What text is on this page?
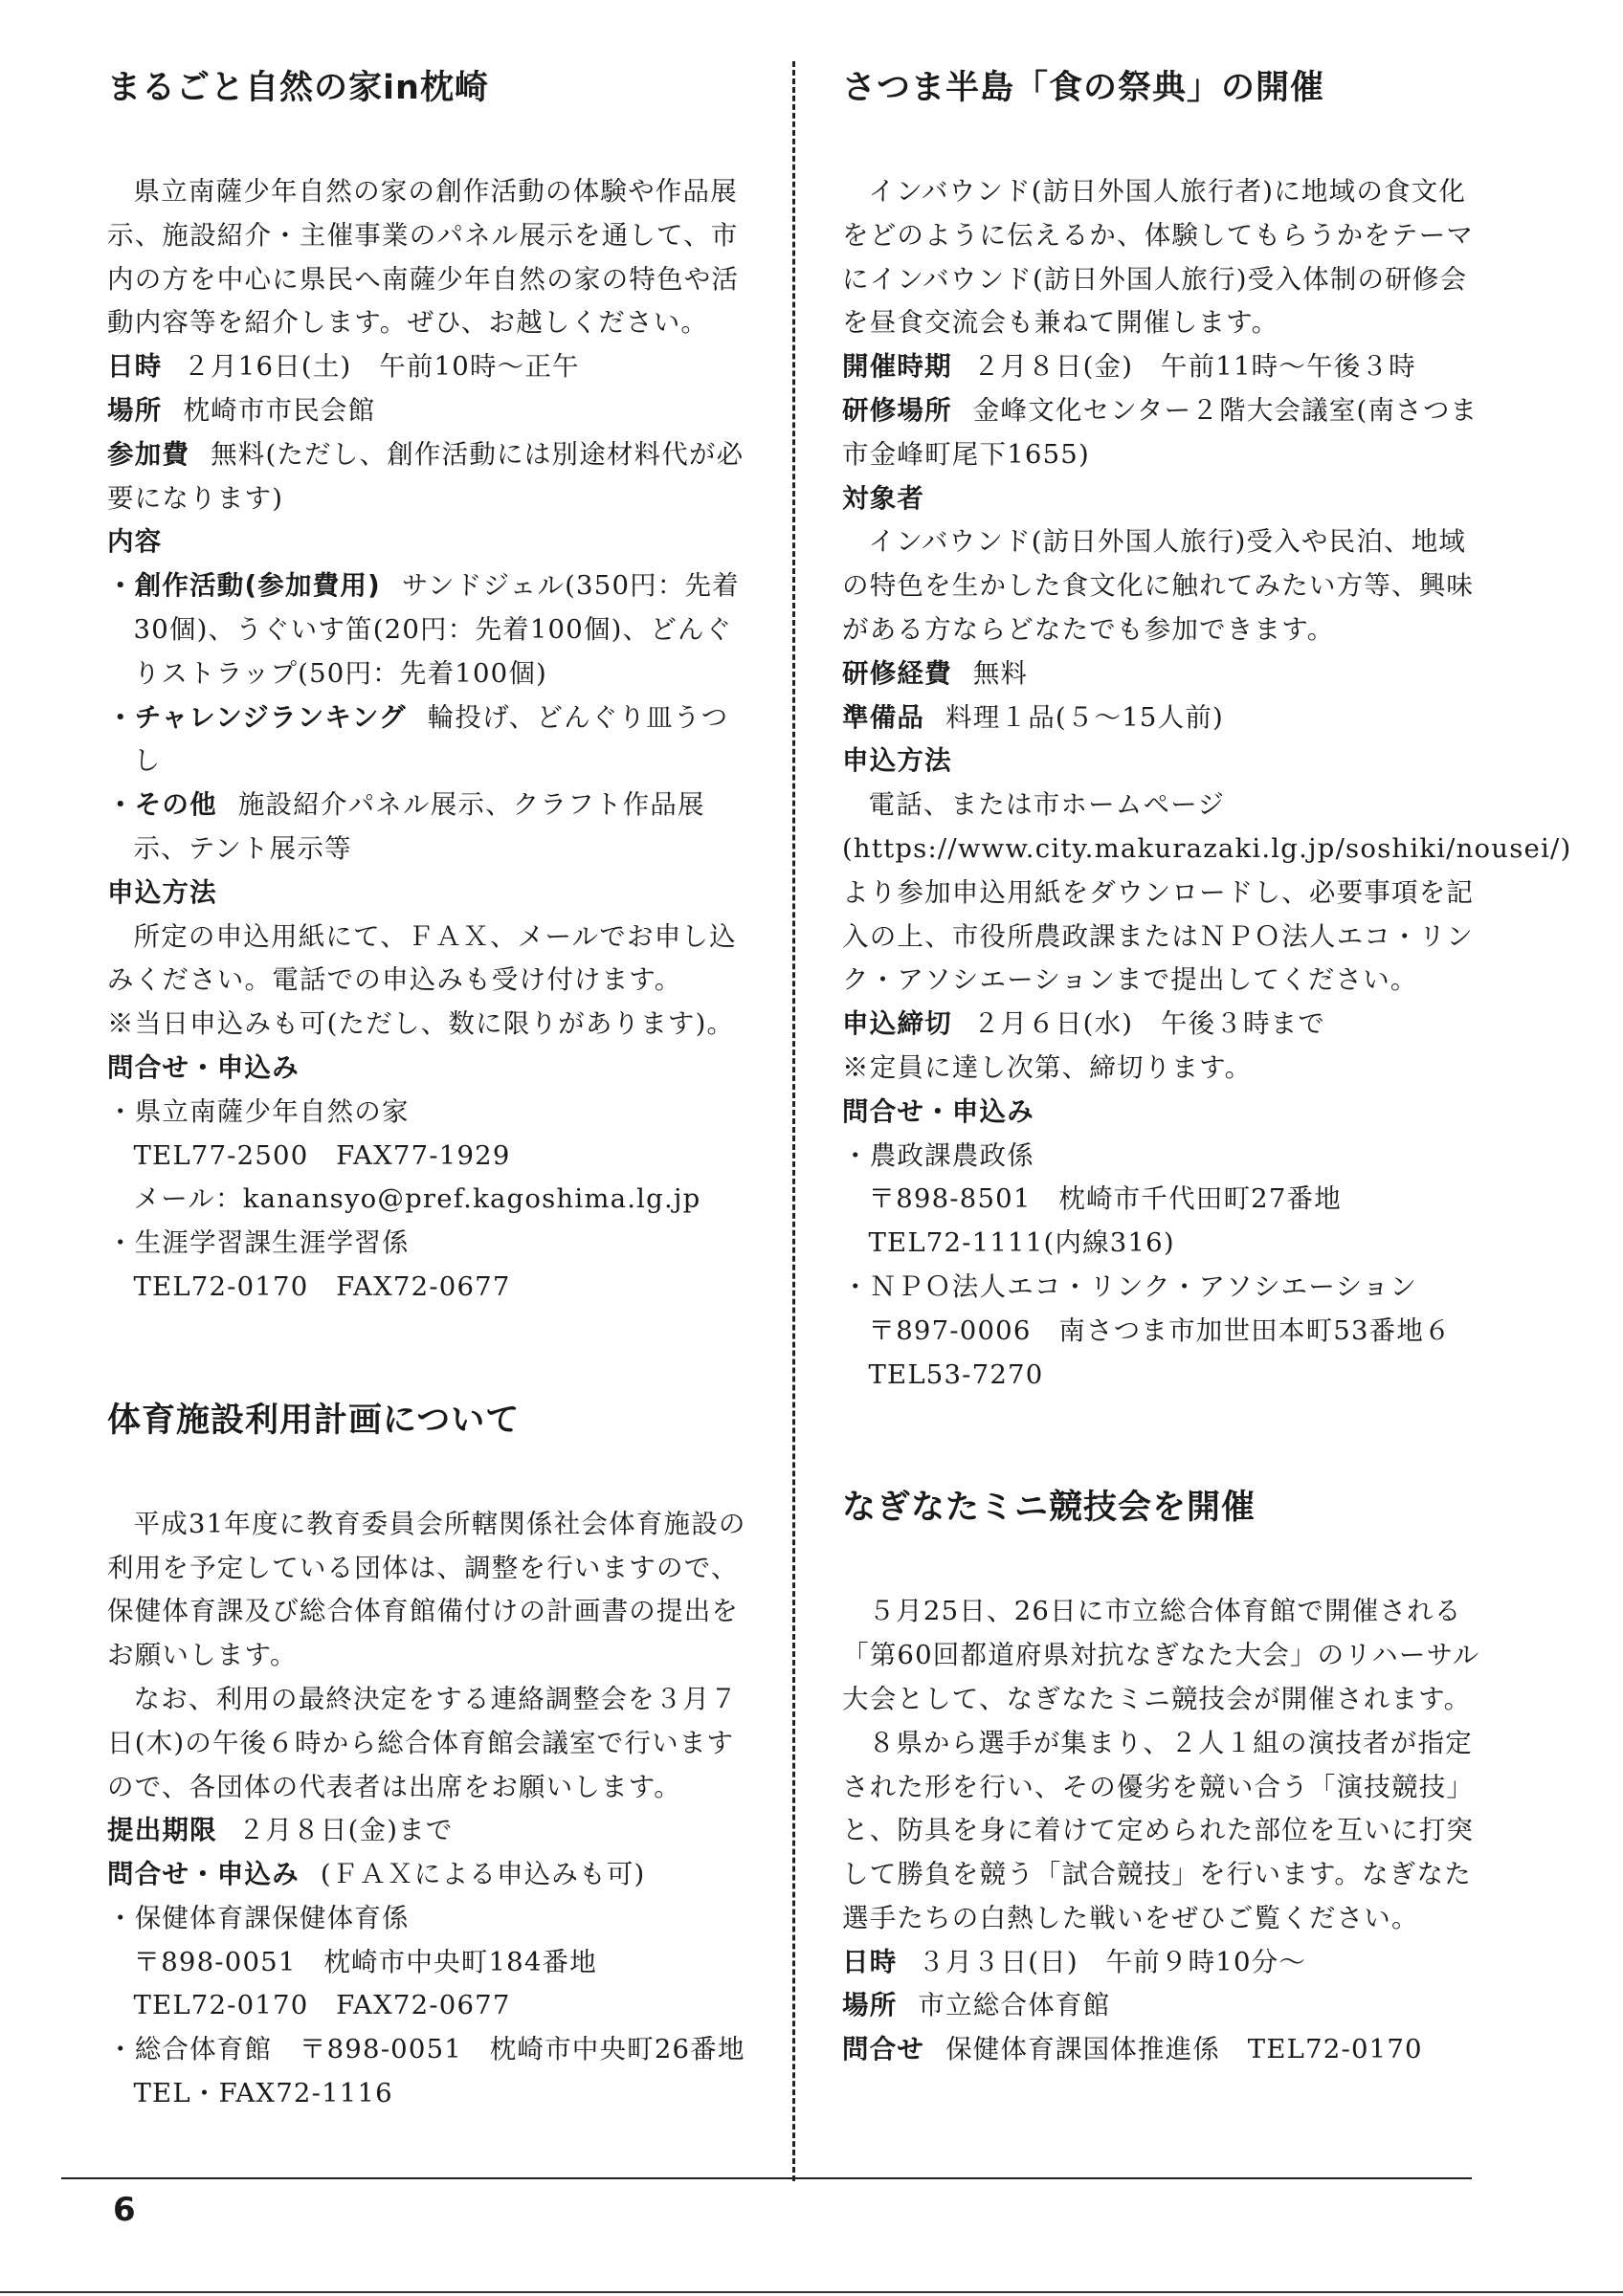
まるごと自然の家in枕崎

県立南薩少年自然の家の創作活動の体験や作品展示、施設紹介・主催事業のパネル展示を通して、市内の方を中心に県民へ南薩少年自然の家の特色や活動内容等を紹介します。ぜひ、お越しください。

日時 ２月16日(土)　午前10時～正午

場所 枕崎市市民会館

参加費 無料(ただし、創作活動には別途材料代が必要になります)

内容

・創作活動(参加費用) サンドジェル(350円：先着30個)、うぐいす笛(20円：先着100個)、どんぐりストラップ(50円：先着100個)

・チャレンジランキング 輪投げ、どんぐり皿うつし

・その他 施設紹介パネル展示、クラフト作品展示、テント展示等

申込方法

所定の申込用紙にて、ＦＡＸ、メールでお申し込みください。電話での申込みも受け付けます。

※当日申込みも可(ただし、数に限りがあります)。

問合せ・申込み

・県立南薩少年自然の家

TEL77-2500　FAX77-1929

メール：kanansyo@pref.kagoshima.lg.jp

・生涯学習課生涯学習係

TEL72-0170　FAX72-0677

体育施設利用計画について

平成31年度に教育委員会所轄関係社会体育施設の利用を予定している団体は、調整を行いますので、保健体育課及び総合体育館備付けの計画書の提出をお願いします。

なお、利用の最終決定をする連絡調整会を３月７日(木)の午後６時から総合体育館会議室で行いますので、各団体の代表者は出席をお願いします。

提出期限 ２月８日(金)まで

問合せ・申込み (ＦＡＸによる申込みも可)

・保健体育課保健体育係

〒898-0051　枕崎市中央町184番地

TEL72-0170　FAX72-0677

・総合体育館　〒898-0051　枕崎市中央町26番地

TEL・FAX72-1116

さつま半島「食の祭典」の開催

インバウンド(訪日外国人旅行者)に地域の食文化をどのように伝えるか、体験してもらうかをテーマにインバウンド(訪日外国人旅行)受入体制の研修会を昼食交流会も兼ねて開催します。

開催時期 ２月８日(金)　午前11時～午後３時

研修場所 金峰文化センター２階大会議室(南さつま市金峰町尾下1655)

対象者

インバウンド(訪日外国人旅行)受入や民泊、地域の特色を生かした食文化に触れてみたい方等、興味がある方ならどなたでも参加できます。

研修経費 無料

準備品 料理１品(５～15人前)

申込方法

電話、または市ホームページ(https://www.city.makurazaki.lg.jp/soshiki/nousei/)より参加申込用紙をダウンロードし、必要事項を記入の上、市役所農政課またはＮＰＯ法人エコ・リンク・アソシエーションまで提出してください。

申込締切 ２月６日(水)　午後３時まで

※定員に達し次第、締切ります。

問合せ・申込み

・農政課農政係

〒898-8501　枕崎市千代田町27番地

TEL72-1111(内線316)

・ＮＰＯ法人エコ・リンク・アソシエーション

〒897-0006　南さつま市加世田本町53番地６

TEL53-7270

なぎなたミニ競技会を開催

５月25日、26日に市立総合体育館で開催される「第60回都道府県対抗なぎなた大会」のリハーサル大会として、なぎなたミニ競技会が開催されます。

８県から選手が集まり、２人１組の演技者が指定された形を行い、その優劣を競い合う「演技競技」と、防具を身に着けて定められた部位を互いに打突して勝負を競う「試合競技」を行います。なぎなた選手たちの白熱した戦いをぜひご覧ください。

日時 ３月３日(日)　午前９時10分～

場所 市立総合体育館

問合せ 保健体育課国体推進係　TEL72-0170

6
